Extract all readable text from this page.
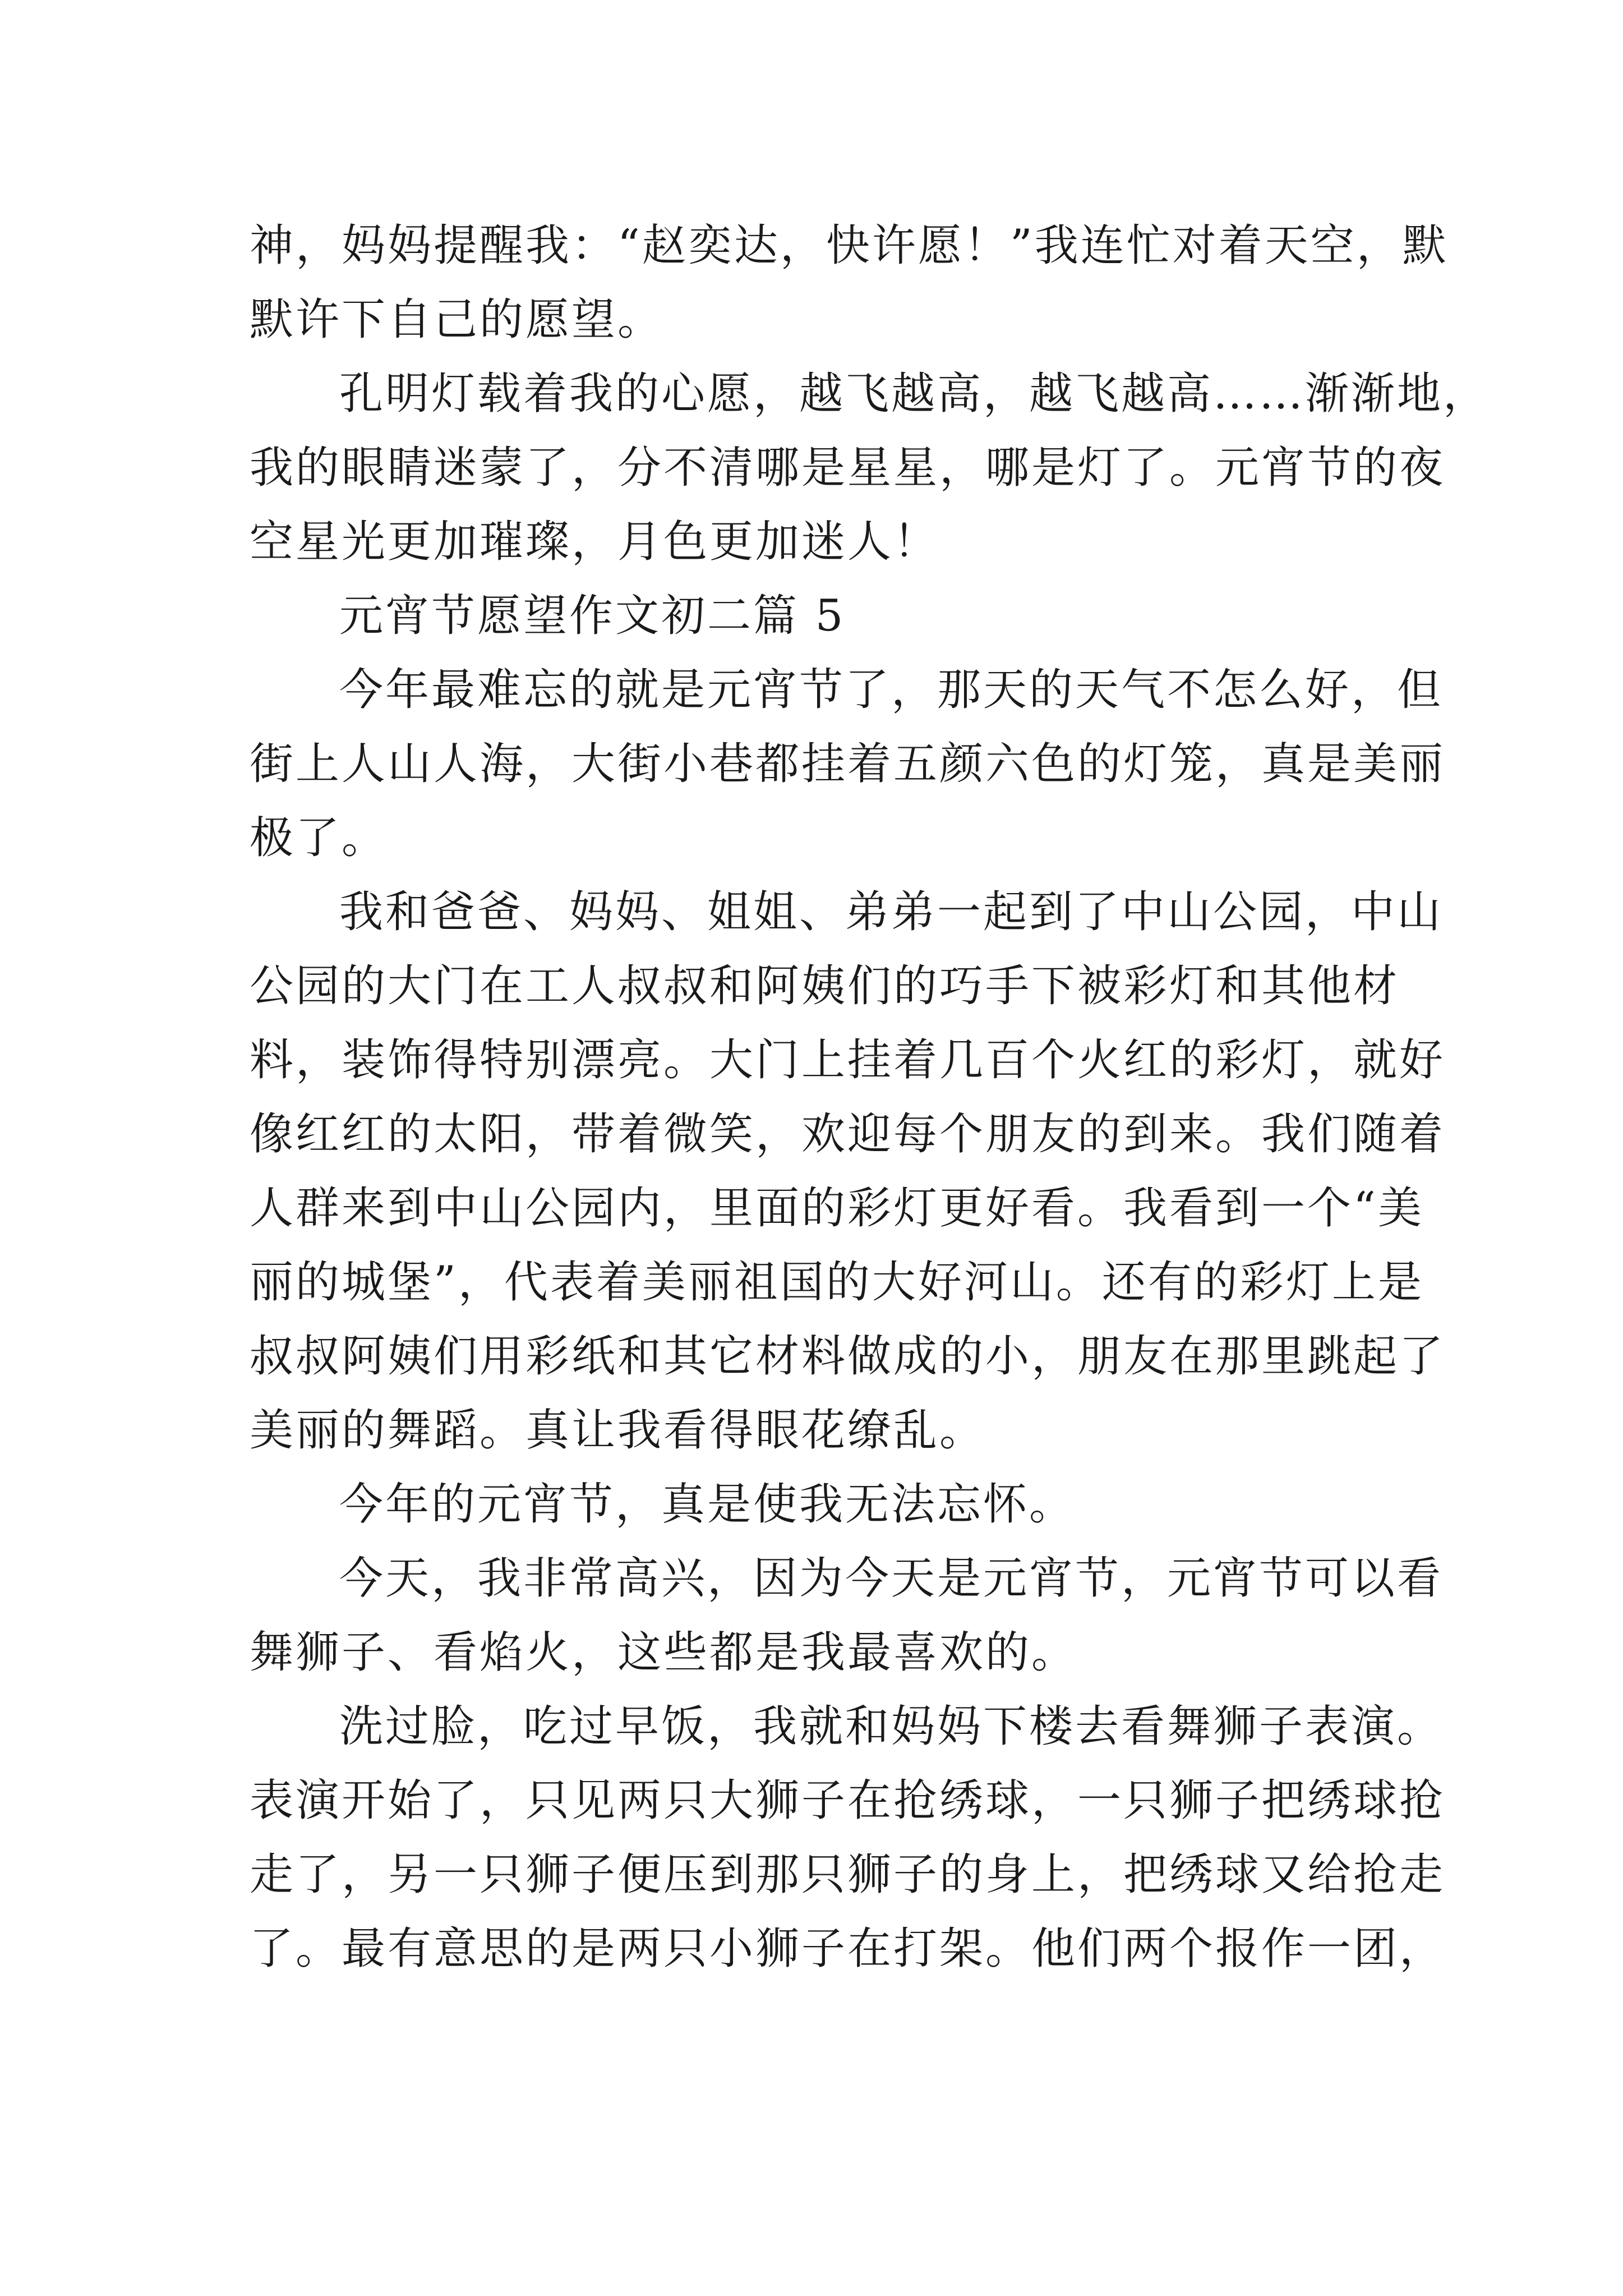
神，妈妈提醒我：“赵奕达，快许愿！”我连忙对着天空，默
默许下自己的愿望。

孔明灯载着我的心愿，越飞越高，越飞越高……渐渐地，
我的眼睛迷蒙了，分不清哪是星星，哪是灯了。元宵节的夜
空星光更加璀璨，月色更加迷人！

元宵节愿望作文初二篇 5

今年最难忘的就是元宵节了，那天的天气不怎么好，但
街上人山人海，大街小巷都挂着五颜六色的灯笼，真是美丽
极了。

我和爸爸、妈妈、姐姐、弟弟一起到了中山公园，中山
公园的大门在工人叔叔和阿姨们的巧手下被彩灯和其他材
料，装饰得特别漂亮。大门上挂着几百个火红的彩灯，就好
像红红的太阳，带着微笑，欢迎每个朋友的到来。我们随着
人群来到中山公园内，里面的彩灯更好看。我看到一个“美
丽的城堡”，代表着美丽祖国的大好河山。还有的彩灯上是
叔叔阿姨们用彩纸和其它材料做成的小，朋友在那里跳起了
美丽的舞蹈。真让我看得眼花缭乱。

今年的元宵节，真是使我无法忘怀。

今天，我非常高兴，因为今天是元宵节，元宵节可以看
舞狮子、看焰火，这些都是我最喜欢的。

洗过脸，吃过早饭，我就和妈妈下楼去看舞狮子表演。
表演开始了，只见两只大狮子在抢绣球，一只狮子把绣球抢
走了，另一只狮子便压到那只狮子的身上，把绣球又给抢走
了。最有意思的是两只小狮子在打架。他们两个报作一团，
